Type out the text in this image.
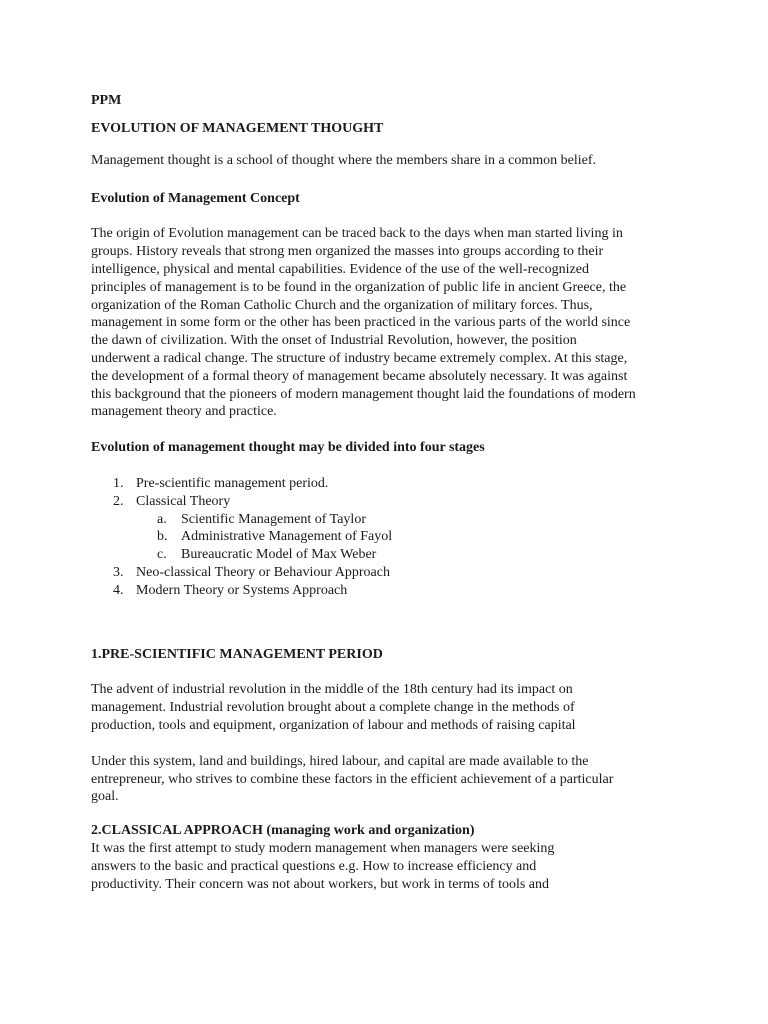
PPM

EVOLUTION OF MANAGEMENT THOUGHT

Management thought is a school of thought where the members share in a common belief.

Evolution of Management Concept

The origin of Evolution management can be traced back to the days when man started living in
groups. History reveals that strong men organized the masses into groups according to their
intelligence, physical and mental capabilities. Evidence of the use of the well-recognized
principles of management is to be found in the organization of public life in ancient Greece, the
organization of the Roman Catholic Church and the organization of military forces. Thus,
management in some form or the other has been practiced in the various parts of the world since
the dawn of civilization. With the onset of Industrial Revolution, however, the position
underwent a radical change. The structure of industry became extremely complex. At this stage,
the development of a formal theory of management became absolutely necessary. It was against
this background that the pioneers of modern management thought laid the foundations of modern
management theory and practice.

Evolution of management thought may be divided into four stages

1. Pre-scientific management period.
2. Classical Theory
a. Scientific Management of Taylor
b. Administrative Management of Fayol
c. Bureaucratic Model of Max Weber
3. Neo-classical Theory or Behaviour Approach
4. Modern Theory or Systems Approach

1.PRE-SCIENTIFIC MANAGEMENT PERIOD

The advent of industrial revolution in the middle of the 18th century had its impact on
management. Industrial revolution brought about a complete change in the methods of
production, tools and equipment, organization of labour and methods of raising capital

Under this system, land and buildings, hired labour, and capital are made available to the
entrepreneur, who strives to combine these factors in the efficient achievement of a particular
goal.

2.CLASSICAL APPROACH (managing work and organization)

It was the first attempt to study modern management when managers were seeking
answers to the basic and practical questions e.g. How to increase efficiency and
productivity. Their concern was not about workers, but work in terms of tools and
